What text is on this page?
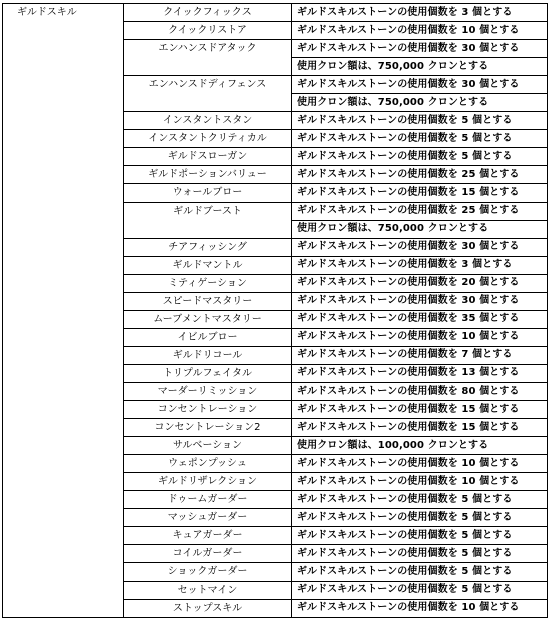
ギルドスキル	クイックフィックス	ギルドスキルストーンの使用個数を 3 個とする
	クイックリストア	ギルドスキルストーンの使用個数を 10 個とする
	エンハンスドアタック	ギルドスキルストーンの使用個数を 30 個とする
		使用クロン額は、750,000 クロンとする
	エンハンスドディフェンス	ギルドスキルストーンの使用個数を 30 個とする
		使用クロン額は、750,000 クロンとする
	インスタントスタン	ギルドスキルストーンの使用個数を 5 個とする
	インスタントクリティカル	ギルドスキルストーンの使用個数を 5 個とする
	ギルドスローガン	ギルドスキルストーンの使用個数を 5 個とする
	ギルドポーションバリュー	ギルドスキルストーンの使用個数を 25 個とする
	ウォールブロー	ギルドスキルストーンの使用個数を 15 個とする
	ギルドブースト	ギルドスキルストーンの使用個数を 25 個とする
		使用クロン額は、750,000 クロンとする
	チアフィッシング	ギルドスキルストーンの使用個数を 30 個とする
	ギルドマントル	ギルドスキルストーンの使用個数を 3 個とする
	ミティゲーション	ギルドスキルストーンの使用個数を 20 個とする
	スピードマスタリー	ギルドスキルストーンの使用個数を 30 個とする
	ムーブメントマスタリー	ギルドスキルストーンの使用個数を 35 個とする
	イビルブロー	ギルドスキルストーンの使用個数を 10 個とする
	ギルドリコール	ギルドスキルストーンの使用個数を 7 個とする
	トリプルフェイタル	ギルドスキルストーンの使用個数を 13 個とする
	マーダーリミッション	ギルドスキルストーンの使用個数を 80 個とする
	コンセントレーション	ギルドスキルストーンの使用個数を 15 個とする
	コンセントレーション2	ギルドスキルストーンの使用個数を 15 個とする
	サルベーション	使用クロン額は、100,000 クロンとする
	ウェポンプッシュ	ギルドスキルストーンの使用個数を 10 個とする
	ギルドリザレクション	ギルドスキルストーンの使用個数を 10 個とする
	ドゥームガーダー	ギルドスキルストーンの使用個数を 5 個とする
	マッシュガーダー	ギルドスキルストーンの使用個数を 5 個とする
	キュアガーダー	ギルドスキルストーンの使用個数を 5 個とする
	コイルガーダー	ギルドスキルストーンの使用個数を 5 個とする
	ショックガーダー	ギルドスキルストーンの使用個数を 5 個とする
	セットマイン	ギルドスキルストーンの使用個数を 5 個とする
	ストップスキル	ギルドスキルストーンの使用個数を 10 個とする
